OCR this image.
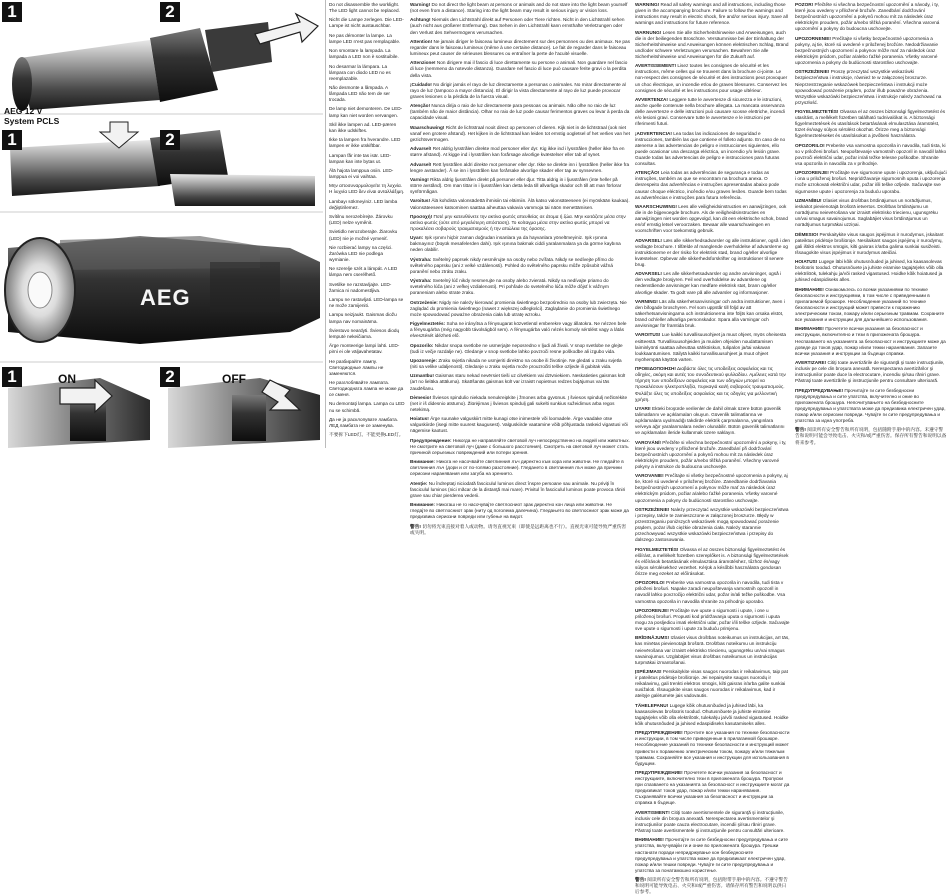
AEG
1	2
1	2
1	2
AEG 12 V
System PCLS
ON	OFF

Do not disassemble the worklight. The LED light cannot be replaced.

Nicht die Lampe zerlegen. Die LED-Lampe ist nicht austauschbar.

Ne pas démonter la lampe. La lampe LED n'est pas remplaçable.

Non smontare la lampada. La lampada a LED non è sostituibile.

No desarmar la lámpara. La lámpara con diodo LED no es reemplazable.

Não desmonte a lâmpada. A lâmpada LED não tem de ser trocada.

De lamp niet demonteren. De LED-lamp kan niet worden vervangen.

Skil ikke lampen ad. LED-pæren kan ikke udskiftes.

Ikke ta lampen fra hverandre. LED lampen er ikke utskiftbar.

Lampan får inte tas isär. LED-lampan kan inte bytas ut.

Älä hajota lamppua osiin. LED-lamppua ei voi vaihtaa.

Μην αποσυναρμολογείτε τη λυχνία. Η λυχνία LED δεν είναι ανταλλάξιμη.

Lambayı sökmeyiniz. LED lamba değiştirilemez.

Svítilnu nerozebírejte. Žárovku (LED) nelze vyměnit.

Svietidlo nerozoberajte. Žiarovku (LED) nie je možné vymeniť.

Nie rozbierać lampy na części. Żarówka LED nie podlega wymianie.

Ne szerelje szét a lámpát. A LED lámpa nem cserélhető.

Svetilke ne razstavljajte. LED-žarnica ni nadomestljiva.

Lampu ne rastavljati. LED-lampa se ne može zamijeniti.

Lampu neizjaukt. Gaismas diožu lampa nav nomaināma.

Šviestuvo neardyti. Šviesos diodų lemputė nekeičiama.

Ärge monteerige lampi lahti. LED-pirni ei ole väljavahetatav.

Не разбирайте лампу. Светодиодные лампы не заменяются.

Не разглобявайте лампата. Светодиодната лампа не може да се сменя.

Nu demontaţi lampa. Lampa cu LED nu se schimbă.

Да не ја расклопувате ламбата. ЛЕД ламбата не се заменува.

不要拆下LED灯。不能更换LED灯。

Warning! Do not direct the light beam at persons or animals and do not stare into the light beam yourself (not even from a distance). Staring into the light beam may result in serious injury or vision loss.

Achtung! Niemals den Lichtstrahl direkt auf Personen oder Tiere richten. Nicht in den Lichtstrahl sehen (auch nicht aus größerer Entfernung). Das Sehen in den Lichtstrahl kann ernsthafte Verletzungen oder den Verlust des Sehvermögens verursachen.

Attention! Ne jamais diriger le faisceau lumineux directement sur des personnes ou des animaux. Ne pas regarder dans le faisceau lumineux (même à une certaine distance). Le fait de regarder dans le faisceau lumineux peut causer de sérieuses blessures ou entraîner la perte de l'acuité visuelle.

Attenzione! Non dirigere mai il fascio di luce direttamente su persone o animali. Non guardare nel fascio di luce (nemmeno da notevole distanza). Guardare nel fascio di luce può causare ferite gravi o la perdita della vista.

¡Cuidado! No dirigir jamás el rayo de luz directamente a personas o animales. No mirar directamente al rayo de luz (tampoco a mayor distancia). El dirigir la vista directamente al rayo de luz puede provocar graves lesiones o la pérdida de la fuerza visual.

Atenção! Nunca dirija o raio de luz directamente para pessoas ou animais. Não olhe no raio de luz (também não de maior distância). Olhar no raio de luz pode causar ferimentos graves ou levar à perda da capacidade visual.

Waarschuwing! Richt de lichtstraal nooit direct op personen of dieren. Kijk niet in de lichtstraal (ook niet vanaf een grotere afstand). Het kijken in de lichtstraal kan leiden tot ernstig oogletsel of het verlies van het gezichtsvermogen.

Advarsel! Ret aldrig lysstrålen direkte mod personer eller dyr. Kig ikke ind i lysstrålen (heller ikke fra en større afstand). At kigge ind i lysstrålen kan forårsage alvorlige kvæstelser eller tab af synet.

Advarsel! Rett lysstrålen aldri direkte mot personer eller dyr. Ikke se direkte inn i lysstrålen (heller ikke fra lengre avstander). Å se inn i lysstrålen kan forårsake alvorlige skader eller tap av synsevnen.

Varning! Rikta aldrig ljusstrålen direkt på personer eller djur. Titta aldrig in i ljusstrålen (inte heller på större avstånd). Om man tittar in i ljusstrålen kan detta leda till allvarliga skador och till att man förlorar synförmågan.

Varoitus! Älä kohdista valonsädettä ihmisiin tai eläimiin. Älä katso valonsäteeseen (ei myöskään kaukaa). Valonsäteeseen katsominen saattaa aiheuttaa vakavia vammoja tai näön menettämisen.

Προσοχή! Ποτέ μην κατευθύνετε την ακτίνα φωτός απευθείας σε άτομα ή ζώα. Μην κοιτάζετε μέσα στην ακτίνα φωτός (ούτε από μεγαλύτερη απόσταση). Το κοίταγμα μέσα στην ακτίνα φωτός μπορεί να προκαλέσει σοβαρούς τραυματισμούς ή την απώλεια της όρασης.

Uyarı: Işık ışınını hiçbir zaman doğrudan insanlara ya da hayvanlara yöneltmeyiniz. Işık ışınına bakmayınız (büyük mesafelerden dahi). Işık ışınına bakmak ciddi yaralanmalara ya da görme kaybına neden olabilir.

Výstraha: Světelný paprsek nikdy nesměrujte na osoby nebo zvířata. Nikdy se nedívejte přímo do světelného paprsku (ani z velké vzdálenosti). Pohled do světelného paprsku může způsobit vážná poranění nebo ztrátu zraku.

Výstraha: Svetelný lúč nikdy nesmerujte na osoby alebo zvieratá. Nikdy sa nedívajte priamo do svetelného lúča (ani z veľkej vzdialenosti). Pri pohľade do svetelného lúča môže dôjsť k vážnym poraneniam alebo strate zraku.

Ostrzeżenie: Nigdy nie należy kierować promienia świetlnego bezpośrednio na osoby lub zwierzęta. Nie zaglądać do promienia świetlnego (nawet z większej odległości). Zaglądanie do promienia świetlnego może spowodować poważne obrażenia ciała lub utratę wzroku.

Figyelmeztetés: Soha ne irányítsa a fénysugarat közvetlenül emberekre vagy állatokra. Ne nézzen bele a fénysugárba (még nagyobb távolságból sem). A fénysugárba való nézés komoly sérülést vagy a látás elvesztését idézheti elő.

Opozorilo: Nikdar snopa svetlobe ne usmerjajte neposredno v ljudi ali živali. V snop svetlobe ne glejte (tudi iz večje razdalje ne). Gledanje v snop svetlobe lahko povzroči resne poškodbe ali izgubo vida.

Upozorenje: Zraku svjetla nikada ne usmjeriti direktno na osobe ili životinje. Ne gledati u zraku svjetla (niti sa velike udaljenosti). Gledanje u zraku svjetla može prouzročiti teške ozljede ili gubitak vida.

Uzmanību! Gaismas staru nekad nevērsiet tieši uz cilvēkiem vai dzīvniekiem. Neskatieties gaismas kūlī (arī no lielāka attāluma). Skatīšanās gaismas kūlī var izraisīt nopietnus redzes bojājumus vai tās zaudēšanu.

Dėmesio! Šviesos spindulio niekada nenukreipkite į žmones arba gyvūnus. Į šviesos spindulį nežiūrėkite (net ir iš didesnio atstumo). Žiūrėjimas į šviesos spindulį gali sukelti sunkius sužeidimus arba regos netekimą.

Hoiatus! Ärge suunake valguskiirt mitte kunagi otse inimestele või loomadele. Ärge vaadake otse valguskiirde (isegi mitte suurest kaugusest). Valguskiirde vaatamine võib põhjustada raskeid vigastusi või nägemise kaotust.

Предупреждение: Никогда не направляйте световой луч непосредственно на людей или животных. Не смотрите на световой луч (даже с большого расстояния). Смотреть на световой луч может стать причиной серьезных повреждений или потери зрения.

Внимание: Никога не насочвайте светлинния лъч директно към хора или животни. Не гледайте в светлинния лъч (дори и от по-голямо разстояние). Гледането в светлинния лъч може да причини сериозни наранявания или загуба на зрението.

Atenţie: Nu îndreptaţi niciodată fasciculul luminos direct înspre persoane sau animale. Nu priviţi în fasciculul luminos (nici măcar de la distanţă mai mare). Privitul în fasciculul luminos poate provoca răniri grave sau chiar pierderea vederii.

Внимание: Никогаш не го насочувајте светлосниот зрак директно кон лица или животни. Не гледајте во светлосниот зрак (ниту од поголема далечина). Гледањето во светлосниот зрак може да предизвика сериозни повреди или губење на видот.

警告! 切勿将光束直接对着人或动物。请勿直视光束（即使是远距离也不行）。直视光束可能导致严重伤害或失明。

WARNING! Read all safety warnings and all instructions, including those given in the accompanying brochure. Failure to follow the warnings and instructions may result in electric shock, fire and/or serious injury. Save all warnings and instructions for future reference.

WARNUNG! Lesen Sie alle Sicherheitshinweise und Anweisungen, auch die in der beiliegenden Broschüre. Versäumnisse bei der Einhaltung der Sicherheitshinweise und Anweisungen können elektrischen Schlag, Brand und/oder schwere Verletzungen verursachen. Bewahren Sie alle Sicherheitshinweise und Anweisungen für die Zukunft auf.

AVERTISSEMENT! Lisez toutes les consignes de sécurité et les instructions, même celles qui se trouvent dans la brochure ci-jointe. Le non-respect des consignes de sécurité et des instructions peut provoquer un choc électrique, un incendie et/ou de graves blessures. Conservez les consignes de sécurité et les instructions pour usage ultérieur.

AVVERTENZA! Leggere tutte le avvertenze di sicurezza e le istruzioni, anche quelle contenute nella brochure allegata. La mancata osservanza delle avvertenze e delle istruzioni può causare scosse elettriche, incendi e/o lesioni gravi. Conservare tutte le avvertenze e le istruzioni per riferimenti futuri.

¡ADVERTENCIA! Lea todas las indicaciones de seguridad e instrucciones, también las que contiene el folleto adjunto. En caso de no atenerse a las advertencias de peligro e instrucciones siguientes, ello puede ocasionar una descarga eléctrica, un incendio y/o lesión grave. Guarde todas las advertencias de peligro e instrucciones para futuras consultas.

ATENÇÃO! Leia todas as advertências de segurança e todas as instruções, também as que se encontram na brochura anexa. O desrespeito das advertências e instruções apresentadas abaixo pode causar choque eléctrico, incêndio e/ou graves lesões. Guarde bem todas as advertências e instruções para futura referência.

WAARSCHUWING! Lees alle veiligheidsinstructies en aanwijzingen, ook die in de bijgevoegde brochure. Als de veiligheidsinstructies en aanwijzingen niet worden opgevolgd, kan dit een elektrische schok, brand en/of ernstig letsel veroorzaken. Bewaar alle waarschuwingen en voorschriften voor toekomstig gebruik.

ADVARSEL! Læs alle sikkerhedsadvarsler og alle instruktioner, også i den vedlagte brochure. I tilfælde af manglende overholdelse af advarslerne og instruktionerne er der risiko for elektrisk stød, brand og/eller alvorlige kvæstelser. Opbevar alle sikkerhedsforskrifter og instruktioner til senere brug.

ADVARSEL! Les alle sikkerhetsadvarsler og andre anvisninger, også i den vedlagte brosjyren. Feil ved overholdelse av advarslene og nedenstående anvisninger kan medføre elektrisk støt, brann og/eller alvorlige skader. Ta godt vare på alle advarsler og informasjoner.

VARNING! Läs alla säkerhetsanvisningar och andra instruktioner, även i den bifogade broschyren. Fel som uppstår till följd av att säkerhetsanvisningarna och instruktionerna inte följts kan orsaka elstöt, brand och/eller allvarliga personskador. Spara alla varningar och anvisningar för framtida bruk.

VAROITUS! Lue kaikki turvallisuusohjeet ja muut ohjeet, myös oheisesta esitteestä. Turvallisuusohjeiden ja muiden ohjeiden noudattamisen laiminlyönti saattaa aiheuttaa sähköiskun, tulipalon ja/tai vakavan loukkaantumisen. Säilytä kaikki turvallisuusohjeet ja muut ohjeet myöhempää käyttöä varten.

ΠΡΟΕΙΔΟΠΟΙΗΣΗ! Διαβάστε όλες τις υποδείξεις ασφαλείας και τις οδηγίες, ακόμη και αυτές του συνοδευτικού φυλλαδίου. Αμέλειες κατά την τήρηση των υποδείξεων ασφαλείας και των οδηγιών μπορεί να προκαλέσουν ηλεκτροπληξία, πυρκαγιά και/ή σοβαρούς τραυματισμούς. Φυλάξτε όλες τις υποδείξεις ασφαλείας και τις οδηγίες για μελλοντική χρήση.

UYARI! Ekteki broşürde verilenler de dahil olmak üzere bütün güvenlik talimatlarını ve açıklamaları okuyun. Güvenlik talimatlarına ve açıklamalara uyulmadığı takdirde elektrik çarpmalarına, yangınlara ve/veya ağır yaralanmalara neden olunabilir. Bütün güvenlik talimatlarını ve açıklamaları ileride kullanmak üzere saklayın.

VAROVÁNÍ! Přečtěte si všechna bezpečnostní upozornění a pokyny, i ty, které jsou uvedeny v přiložené brožuře. Zanedbání při dodržování bezpečnostních upozornění a pokynů mohou mít za následek úraz elektrickým proudem, požár a/nebo těžká poranění. Všechny varovné pokyny a instrukce do budoucna uschovejte.

VAROVANIE! Prečítajte si všetky bezpečnostné upozornenia a pokyny, aj tie, ktoré sú uvedené v priloženej brožúre. Zanedbanie dodržiavania bezpečnostných upozornení a pokynov môže mať za následok úraz elektrickým prúdom, požiar a/alebo ťažké poranenia. Všetky varovné upozornenia a pokyny do budúcnosti starostlivo uschovajte.

OSTRZEŻENIE! Należy przeczytać wszystkie wskazówki bezpieczeństwa i przepisy, także te zamieszczone w załączonej broszurze. Błędy w przestrzeganiu poniższych wskazówek mogą spowodować porażenie prądem, pożar i/lub ciężkie obrażenia ciała. Należy starannie przechowywać wszystkie wskazówki bezpieczeństwa i przepisy do dalszego zastosowania.

FIGYELMEZTETÉS! Olvassa el az összes biztonsági figyelmeztetést és előírást, a mellékelt füzetben szereplőket is. A biztonsági figyelmeztetések és előírások betartásának elmulasztása áramütéshez, tűzhöz és/vagy súlyos sérülésekhez vezethet. Kérjük a későbbi használatra gondosan őrizze meg ezeket az előírásokat.

OPOZORILO! Preberite vsa varnostna opozorila in navodila, tudi tista v priloženi brošuri. Napake zaradi neupoštevanja varnostnih opozoril in navodil lahko povzročijo električni udar, požar in/ali težke poškodbe. Vsa varnostna opozorila in navodila shranite za prihodnjo uporabo.

UPOZORENJE! Pročitajte sve upute o sigurnosti i upute, i one u priloženoj brošuri. Propusti kod pridržavanja uputa o sigurnosti i uputa mogu za posljedicu imati električni udar, požar i/ili teške ozljede. Sačuvajte sve upute o sigurnosti i upute za buduću primjenu.

BRĪDINĀJUMS! Izlasiet visus drošības noteikumus un instrukcijas, arī tās, kas minētas pievienotajā brošūrā. Drošības noteikumu un instrukciju neievērošana var izraisīt elektrisko triecienu, ugunsgrēku un/vai smagus savainojumus. Uzglabājiet visus drošības noteikumus un instrukcijas turpmākai izmantošanai.

ĮSPĖJIMAS! Perskaitykite visas saugos nuorodas ir reikalavimus, taip pat ir pateiktus pridėtoje brošiūroje. Jei nepaisysite saugos nuorodų ir reikalavimų, gali trenkti elektros smūgis, kilti gaisras ir/arba galite sunkiai susižaloti. Išsaugokite visas saugos nuorodas ir reikalavimus, kad ir ateityje galėtumėte jais vadovautis.

TÄHELEPANU! Lugege kõik ohutusnõuded ja juhised läbi, ka kaasasolevas brošüüris toodud. Ohutusnõuete ja juhiste eiramise tagajärjeks võib olla elektrilöök, tulekahju ja/või rasked vigastused. Hoidke kõik ohutusnõuded ja juhised edaspidiseks kasutamiseks alles.

ПРЕДУПРЕЖДЕНИЕ! Прочтите все указания по технике безопасности и инструкции, в том числе приведенные в прилагаемой брошюре. Несоблюдение указаний по технике безопасности и инструкций может привести к поражению электрическим током, пожару и/или тяжелым травмам. Сохраняйте все указания и инструкции для использования в будущем.

ПРЕДУПРЕЖДЕНИЕ! Прочетете всички указания за безопасност и инструкциите, включително тези в приложената брошура. Пропуски при спазването на указанията за безопасност и инструкциите могат да предизвикат токов удар, пожар и/или тежки наранявания. Съхранявайте всички указания за безопасност и инструкции за справка в бъдеще.

AVERTISMENT! Citiţi toate avertismentele de siguranţă şi instrucţiunile, inclusiv cele din broşura anexată. Nerespectarea avertismentelor şi instrucţiunilor poate cauza electrocutare, incendii şi/sau răniri grave. Păstraţi toate avertismentele şi instrucţiunile pentru consultări ulterioare.

ВНИМАНИЕ! Прочитајте ги сите безбедносни предупредувања и сите упатства, вклучувајќи ги и оние во приложената брошура. Грешки настанати поради непридржување кон безбедносните предупредувања и упатства може да предизвикаат електричен удар, пожар и/или тешки повреди. Чувајте ги сите предупредувања и упатства за понатамошно користење.

警告! 阅读所有安全警告和所有说明，包括附带手册中的内容。不遵守警告和说明可能导致电击、火灾和/或严重伤害。请保存所有警告和说明以供日后参考。

POZOR! Přečtěte si všechna bezpečnostní upozornění a návody, i ty, které jsou uvedeny v přiložené brožuře. Zanedbání dodržování bezpečnostních upozornění a pokynů mohou mít za následek úraz elektrickým proudem, požár a/nebo těžká poranění. Všechna varovná upozornění a pokyny do budoucna uschovejte.

UPOZORNENIE! Prečítajte si všetky bezpečnostné upozornenia a pokyny, aj tie, ktoré sú uvedené v priloženej brožúre. Nedodržiavanie bezpečnostných upozornení a pokynov môže mať za následok úraz elektrickým prúdom, požiar a/alebo ťažké poranenia. Všetky varovné upozornenia a pokyny do budúcnosti starostlivo uschovajte.

OSTRZEŻENIE! Proszę przeczytać wszystkie wskazówki bezpieczeństwa i instrukcje, również te w załączonej broszurze. Nieprzestrzeganie wskazówek bezpieczeństwa i instrukcji może spowodować porażenie prądem, pożar i/lub poważne obrażenia. Wszystkie wskazówki bezpieczeństwa i instrukcje należy zachować na przyszłość.

FIGYELMEZTETÉS! Olvassa el az összes biztonsági figyelmeztetést és utasítást, a mellékelt füzetben található tudnivalókat is. A biztonsági figyelmeztetések és utasítások betartásának elmulasztása áramütést, tüzet és/vagy súlyos sérülést okozhat. Őrizze meg a biztonsági figyelmeztetéseket és utasításokat a jövőbeni használatra.

OPOZORILO! Preberite vsa varnostna opozorila in navodila, tudi tista, ki so v priloženi brošuri. Neupoštevanje varnostnih opozoril in navodil lahko povzroči električni udar, požar in/ali težke telesne poškodbe. Shranite vsa opozorila in navodila za v prihodnje.

UPOZORENJE! Pročitajte sve sigurnosne upute i upozorenja, uključujući i ona u priloženoj brošuri. Nepridržavanje sigurnosnih uputa i upozorenja može uzrokovati električni udar, požar i/ili teške ozljede. Sačuvajte sve sigurnosne upute i upozorenja za buduću uporabu.

UZMANĪBU! Izlasiet visus drošības brīdinājumus un norādījumus, ieskaitot pievienotajā brošūrā ietvertos. Drošības brīdinājumu un norādījumu neievērošana var izraisīt elektrisko triecienu, ugunsgrēku un/vai smagus savainojumus. Saglabājiet visus brīdinājumus un norādījumus turpmākai uzziņai.

DĖMESIO! Perskaitykite visus saugos įspėjimus ir nurodymus, įskaitant pateiktus pridėtoje brošiūroje. Nesilaikant saugos įspėjimų ir nurodymų, gali ištikti elektros smūgis, kilti gaisras ir/arba galima sunkiai susižeisti. Išsaugokite visus įspėjimus ir nurodymus ateičiai.

HOIATUS! Lugege läbi kõik ohutusnõuded ja juhised, ka kaasasolevas brošüüris toodud. Ohutusnõuete ja juhiste eiramise tagajärjeks võib olla elektrilöök, tulekahju ja/või rasked vigastused. Hoidke kõik hoiatused ja juhised edaspidiseks alles.

ВНИМАНИЕ! Ознакомьтесь со всеми указаниями по технике безопасности и инструкциями, в том числе с приведенными в прилагаемой брошюре. Несоблюдение указаний по технике безопасности и инструкций может привести к поражению электрическим током, пожару и/или серьезным травмам. Сохраните все указания и инструкции для дальнейшего использования.

ВНИМАНИЕ! Прочетете всички указания за безопасност и инструкции, включително и тези в приложената брошура. Неспазването на указанията за безопасност и инструкциите може да доведе до токов удар, пожар и/или тежки наранявания. Запазете всички указания и инструкции за бъдещи справки.

AVERTIZARE! Citiţi toate avertizările de siguranţă şi toate instrucţiunile, inclusiv pe cele din broşura anexată. Nerespectarea avertizărilor şi instrucţiunilor poate duce la electrocutare, incendiu şi/sau răniri grave. Păstraţi toate avertizările şi instrucţiunile pentru consultare ulterioară.

ПРЕДУПРЕДУВАЊЕ! Прочитајте ги сите безбедносни предупредувања и сите упатства, вклучително и оние во приложената брошура. Непочитувањето на безбедносните предупредувања и упатствата може да предизвика електричен удар, пожар и/или сериозни повреди. Чувајте ги сите предупредувања и упатства за идна употреба.

警告! 阅读所有安全警告和所有说明，包括随附手册中的内容。未遵守警告和说明可能会导致电击、火灾和/或严重伤害。保存所有警告和说明以备将来参考。
